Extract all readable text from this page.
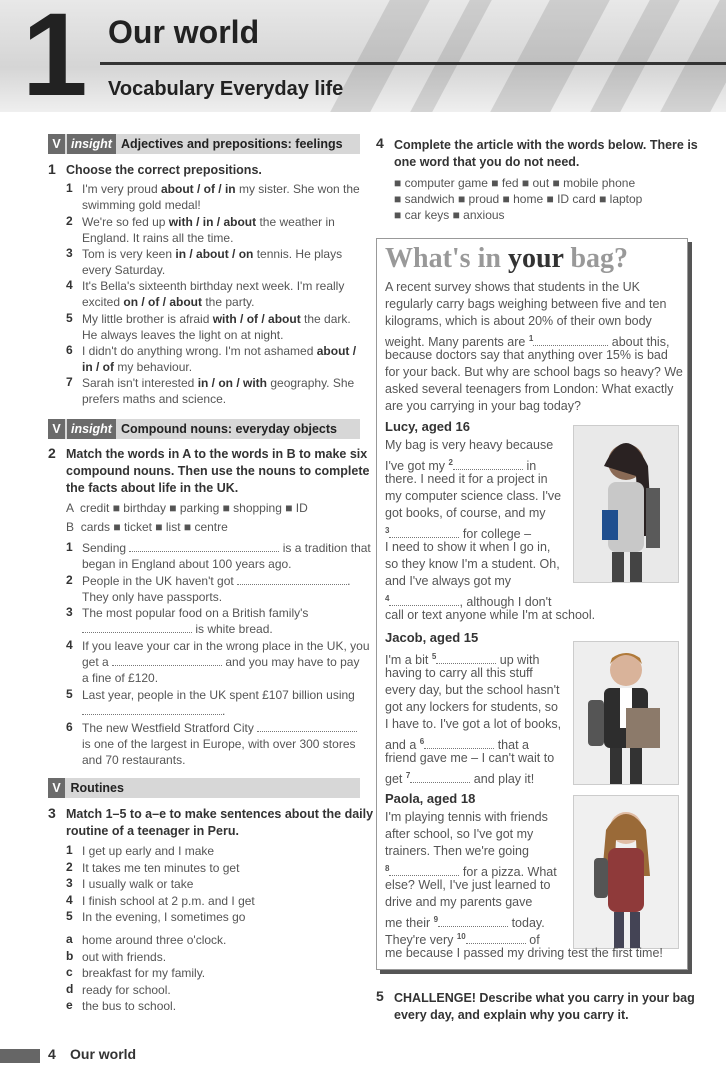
1 Our world
Vocabulary Everyday life
V insight Adjectives and prepositions: feelings
1 Choose the correct prepositions.
1 I'm very proud about / of / in my sister. She won the
swimming gold medal!
2 We're so fed up with / in / about the weather in
England. It rains all the time.
3 Tom is very keen in / about / on tennis. He plays
every Saturday.
4 It's Bella's sixteenth birthday next week. I'm really
excited on / of / about the party.
5 My little brother is afraid with / of / about the dark.
He always leaves the light on at night.
6 I didn't do anything wrong. I'm not ashamed about /
in / of my behaviour.
7 Sarah isn't interested in / on / with geography. She
prefers maths and science.
V insight Compound nouns: everyday objects
2 Match the words in A to the words in B to make six
compound nouns. Then use the nouns to complete
the facts about life in the UK.
A credit ■ birthday ■ parking ■ shopping ■ ID
B cards ■ ticket ■ list ■ centre
1 Sending	is a tradition that
began in England about 100 years ago.
2 People in the UK haven't got	.
They only have passports.
3 The most popular food on a British family's
is white bread.
4 If you leave your car in the wrong place in the UK, you
get a	and you may have to pay
a fine of £120.
5 Last year, people in the UK spent £107 billion using
.
6 The new Westfield Stratford City
is one of the largest in Europe, with over 300 stores
and 70 restaurants.
V Routines
3 Match 1–5 to a–e to make sentences about the daily
routine of a teenager in Peru.
1 I get up early and I make
2 It takes me ten minutes to get
3 I usually walk or take
4 I finish school at 2 p.m. and I get
5 In the evening, I sometimes go
a home around three o'clock.
b out with friends.
c breakfast for my family.
d ready for school.
e the bus to school.
4 Complete the article with the words below. There is
one word that you do not need.
■ computer game ■ fed ■ out ■ mobile phone
■ sandwich ■ proud ■ home ■ ID card ■ laptop
■ car keys ■ anxious
What's in your bag?
A recent survey shows that students in the UK
regularly carry bags weighing between five and ten
kilograms, which is about 20% of their own body
weight. Many parents are $^1$	about this,
because doctors say that anything over 15% is bad
for your back. But why are school bags so heavy? We
asked several teenagers from London: What exactly
are you carrying in your bag today?
Lucy, aged 16
My bag is very heavy because
I've got my $^2$	in
there. I need it for a project in
my computer science class. I've
got books, of course, and my
$^3$	for college –
I need to show it when I go in,
so they know I'm a student. Oh,
and I've always got my
$^4$	, although I don't
call or text anyone while I'm at school.
Jacob, aged 15
I'm a bit $^5$	up with
having to carry all this stuff
every day, but the school hasn't
got any lockers for students, so
I have to. I've got a lot of books,
and a $^6$	that a
friend gave me – I can't wait to
get $^7$	and play it!
Paola, aged 18
I'm playing tennis with friends
after school, so I've got my
trainers. Then we're going
$^8$	for a pizza. What
else? Well, I've just learned to
drive and my parents gave
me their $^9$	today.
They're very $^{10}$	of
me because I passed my driving test the first time!
5 CHALLENGE! Describe what you carry in your bag
every day, and explain why you carry it.
4 Our world
